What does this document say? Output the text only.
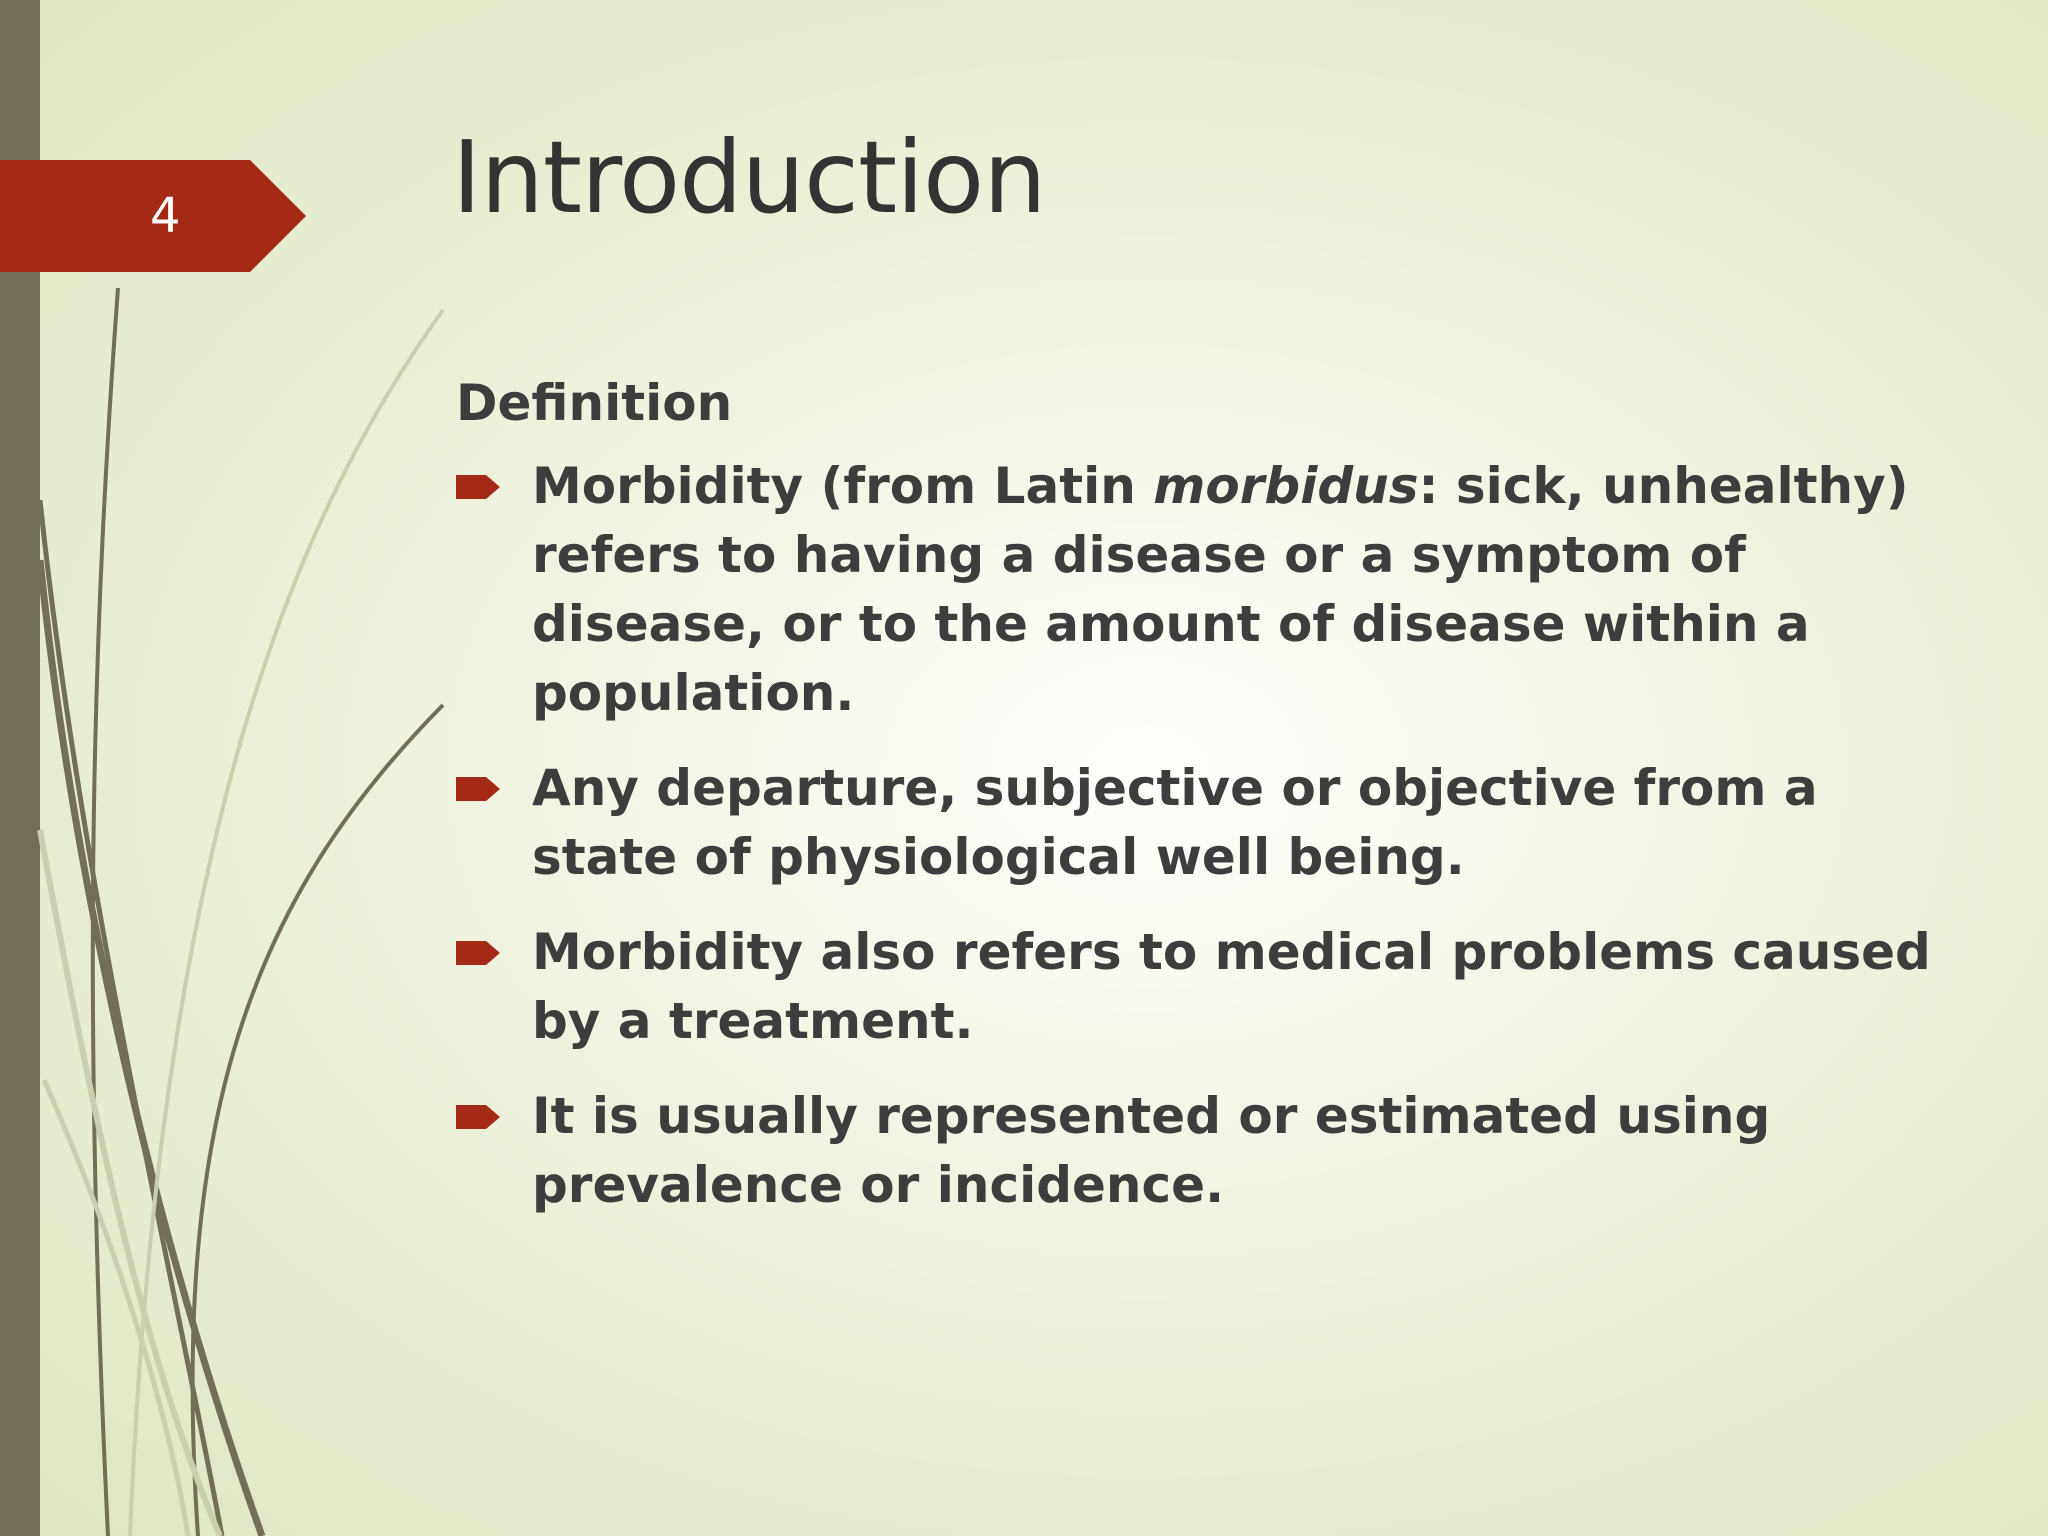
4	Introduction
Definition
Morbidity (from Latin morbidus: sick, unhealthy) refers to having a disease or a symptom of disease, or to the amount of disease within a population.
Any departure, subjective or objective from a state of physiological well being.
Morbidity also refers to medical problems caused by a treatment.
It is usually represented or estimated using prevalence or incidence.
